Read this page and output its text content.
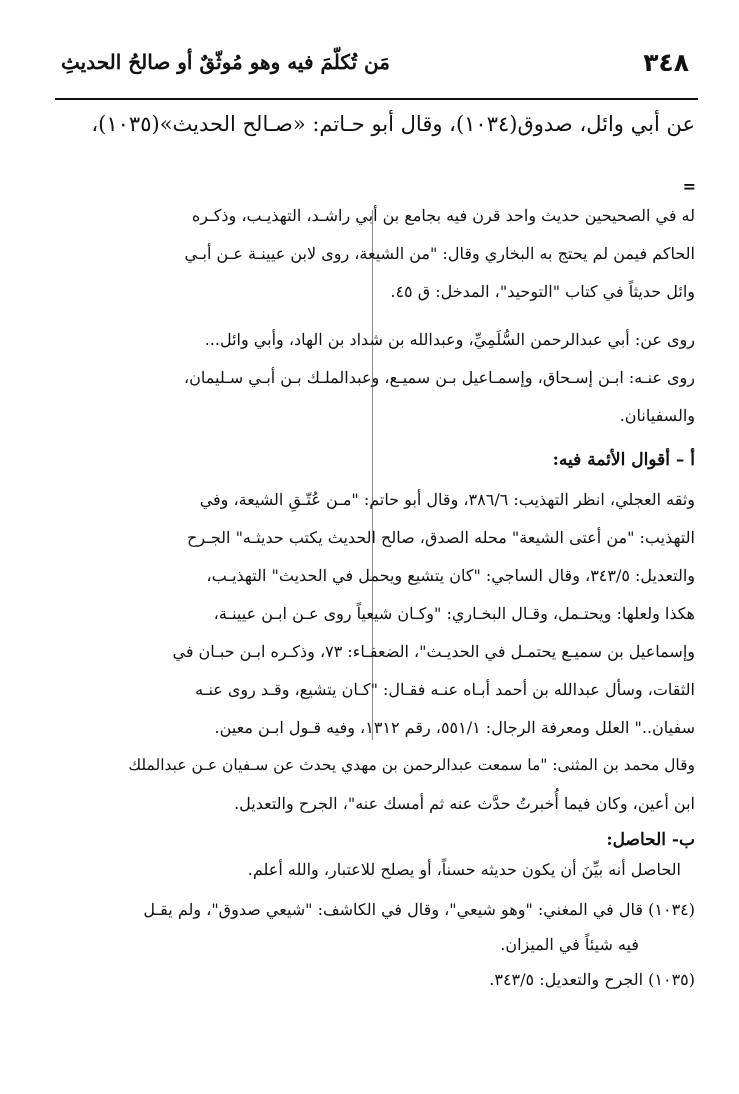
٣٤٨
مَن تُكلّمَ فيه وهو مُوثّقٌ أو صالحُ الحديثِ
عن أبي وائل، صدوق(١٠٣٤)، وقال أبو حـاتم: «صـالح الحديث»(١٠٣٥)،
=
له في الصحيحين حديث واحد قرن فيه بجامع بن أبي راشـد، التهذيـب، وذكـره
الحاكم فيمن لم يحتج به البخاري وقال: "من الشيعة، روى لابن عيينـة عـن أبـي
وائل حديثاً في كتاب "التوحيد"، المدخل: ق ٤٥.
روى عن: أبي عبدالرحمن السُّلَمِيِّ، وعبدالله بن شداد بن الهاد، وأبي وائل...
روى عنـه: ابـن إسـحاق، وإسمـاعيل بـن سميـع، وعبدالملـك بـن أبـي سـليمان،
والسفيانان.
أ – أقوال الأئمة فيه:
وثقه العجلي، انظر التهذيب: ٣٨٦/٦، وقال أبو حاتم: "مـن عُتّـقِ الشيعة، وفي
التهذيب: "من أعتى الشيعة" محله الصدق، صالح الحديث يكتب حديثـه" الجـرح
والتعديل: ٣٤٣/٥، وقال الساجي: "كان يتشيع ويحمل في الحديث" التهذيـب،
هكذا ولعلها: ويحتـمل، وقـال البخـاري: "وكـان شيعياً روى عـن ابـن عيينـة،
وإسماعيل بن سميـع يحتمـل في الحديـث"، الضعفـاء: ٧٣، وذكـره ابـن حبـان في
الثقات، وسأل عبدالله بن أحمد أبـاه عنـه فقـال: "كـان يتشيع، وقـد روى عنـه
سفيان.." العلل ومعرفة الرجال: ٥٥١/١، رقم ١٣١٢، وفيه قـول ابـن معين.
وقال محمد بن المثنى: "ما سمعت عبدالرحمن بن مهدي يحدث عن سـفيان عـن عبدالملك
ابن أعين، وكان فيما أُخبرتُ حدَّث عنه ثم أمسك عنه"، الجرح والتعديل.
ب- الحاصل:
الحاصل أنه بيِّنَ أن يكون حديثه حسناً، أو يصلح للاعتبار، والله أعلم.
(١٠٣٤) قال في المغني: "وهو شيعي"، وقال في الكاشف: "شيعي صدوق"، ولم يقـل
فيه شيئاً في الميزان.
(١٠٣٥) الجرح والتعديل: ٣٤٣/٥.
